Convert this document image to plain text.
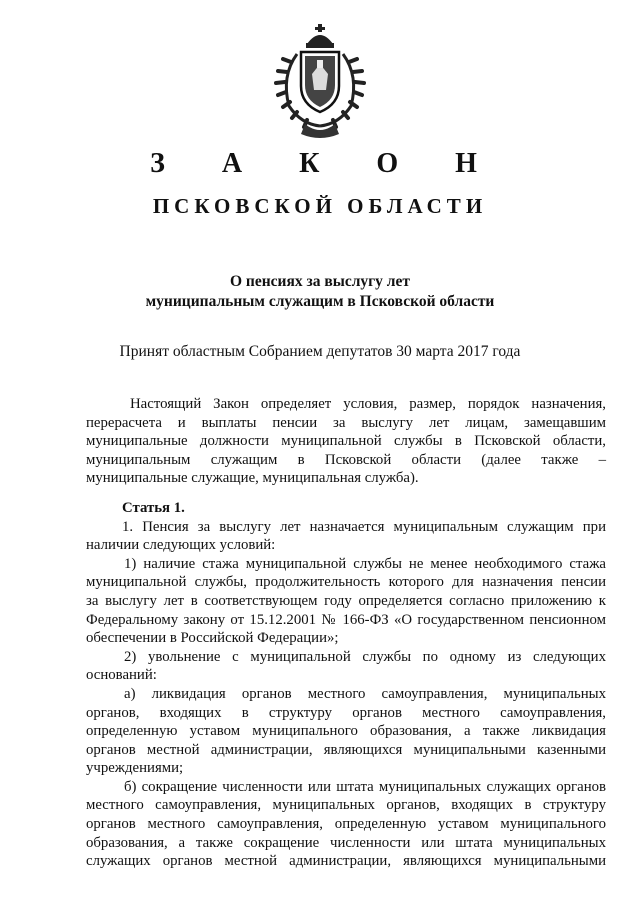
З А К О Н
ПСКОВСКОЙ ОБЛАСТИ
О пенсиях за выслугу лет
муниципальным служащим в Псковской области
Принят областным Собранием депутатов 30 марта 2017 года
Настоящий Закон определяет условия, размер, порядок назначения,
перерасчета и выплаты пенсии за выслугу лет лицам, замещавшим
муниципальные должности муниципальной службы в Псковской области,
муниципальным служащим в Псковской области (далее также –
муниципальные служащие, муниципальная служба).
Статья 1.
1. Пенсия за выслугу лет назначается муниципальным служащим при
наличии следующих условий:
1) наличие стажа муниципальной службы не менее необходимого стажа
муниципальной службы, продолжительность которого для назначения пенсии
за выслугу лет в соответствующем году определяется согласно приложению к
Федеральному закону от 15.12.2001 № 166-ФЗ «О государственном пенсионном
обеспечении в Российской Федерации»;
2) увольнение с муниципальной службы по одному из следующих
оснований:
а) ликвидация органов местного самоуправления, муниципальных
органов, входящих в структуру органов местного самоуправления,
определенную уставом муниципального образования, а также ликвидация
органов местной администрации, являющихся муниципальными казенными
учреждениями;
б) сокращение численности или штата муниципальных служащих органов
местного самоуправления, муниципальных органов, входящих в структуру
органов местного самоуправления, определенную уставом муниципального
образования, а также сокращение численности или штата муниципальных
служащих органов местной администрации, являющихся муниципальными
